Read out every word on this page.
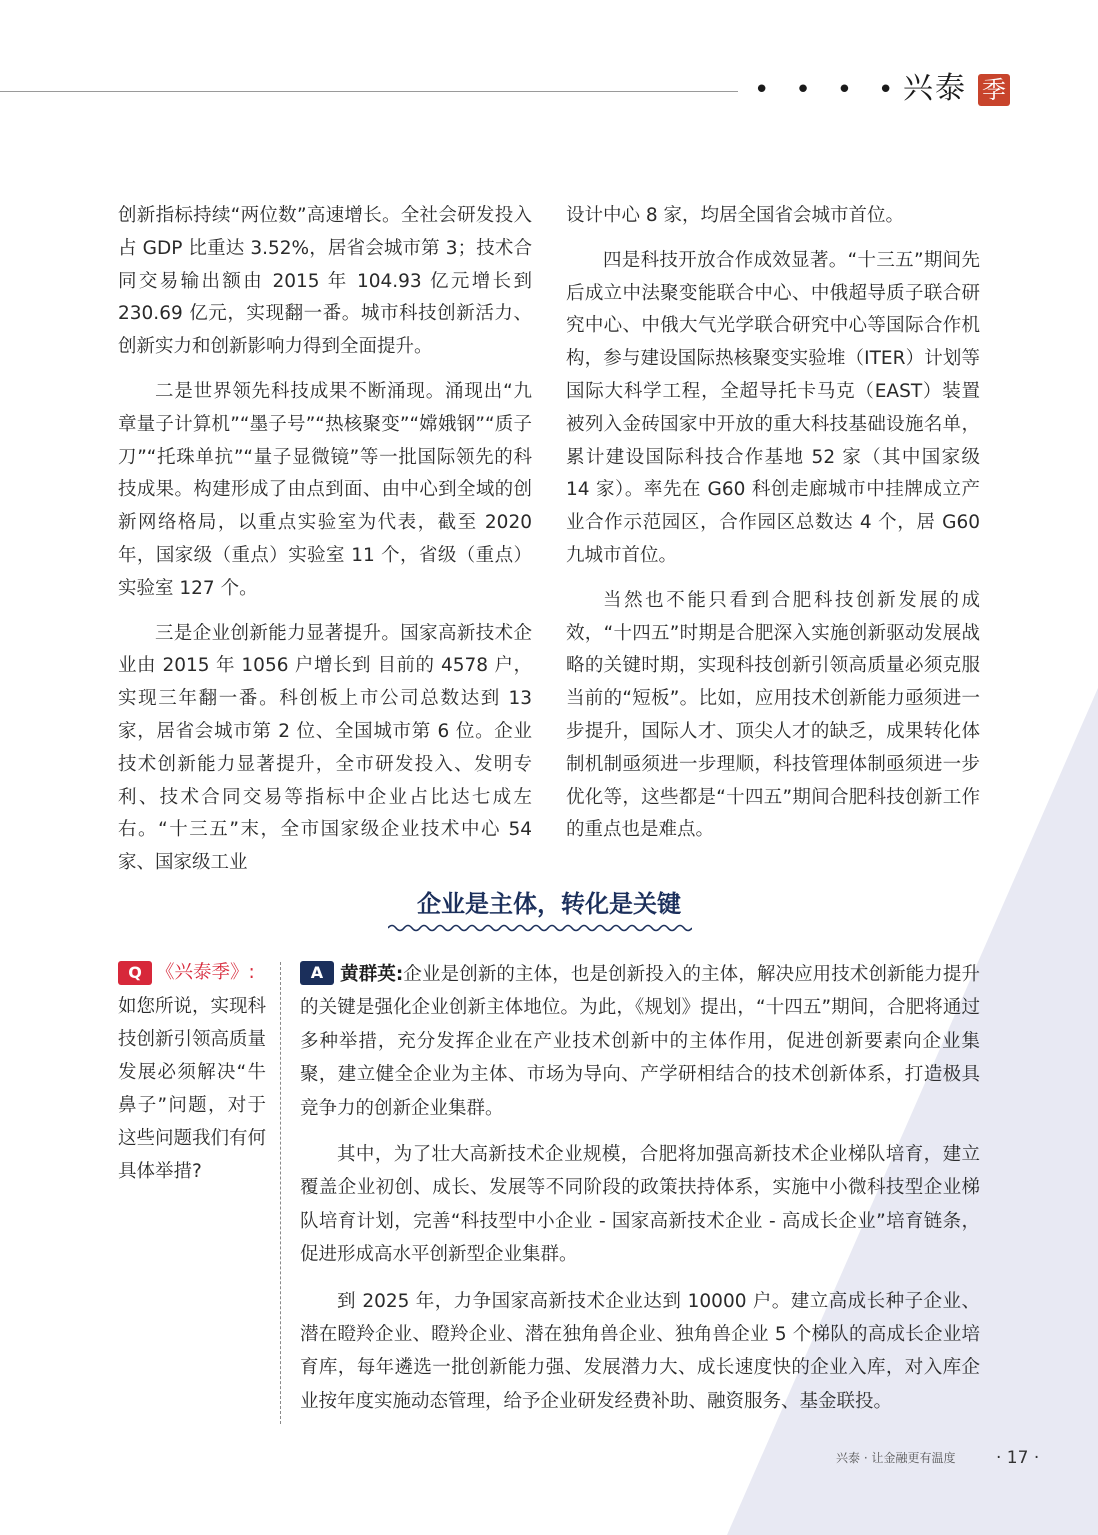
• • • • 兴泰 季

创新指标持续“两位数”高速增长。全社会研发投入占 GDP 比重达 3.52%，居省会城市第 3；技术合同交易输出额由 2015 年 104.93 亿元增长到 230.69 亿元，实现翻一番。城市科技创新活力、创新实力和创新影响力得到全面提升。

二是世界领先科技成果不断涌现。涌现出“九章量子计算机”“墨子号”“热核聚变”“嫦娥钢”“质子刀”“托珠单抗”“量子显微镜”等一批国际领先的科技成果。构建形成了由点到面、由中心到全域的创新网络格局，以重点实验室为代表，截至 2020 年，国家级（重点）实验室 11 个，省级（重点）实验室 127 个。

三是企业创新能力显著提升。国家高新技术企业由 2015 年 1056 户增长到 目前的 4578 户，实现三年翻一番。科创板上市公司总数达到 13 家，居省会城市第 2 位、全国城市第 6 位。企业技术创新能力显著提升，全市研发投入、发明专利、技术合同交易等指标中企业占比达七成左右。“十三五”末，全市国家级企业技术中心 54 家、国家级工业

设计中心 8 家，均居全国省会城市首位。

四是科技开放合作成效显著。“十三五”期间先后成立中法聚变能联合中心、中俄超导质子联合研究中心、中俄大气光学联合研究中心等国际合作机构，参与建设国际热核聚变实验堆（ITER）计划等国际大科学工程，全超导托卡马克（EAST）装置被列入金砖国家中开放的重大科技基础设施名单，累计建设国际科技合作基地 52 家（其中国家级 14 家）。率先在 G60 科创走廊城市中挂牌成立产业合作示范园区，合作园区总数达 4 个，居 G60 九城市首位。

当然也不能只看到合肥科技创新发展的成效，“十四五”时期是合肥深入实施创新驱动发展战略的关键时期，实现科技创新引领高质量必须克服当前的“短板”。比如，应用技术创新能力亟须进一步提升，国际人才、顶尖人才的缺乏，成果转化体制机制亟须进一步理顺，科技管理体制亟须进一步优化等，这些都是“十四五”期间合肥科技创新工作的重点也是难点。

企业是主体，转化是关键
Q 《兴泰季》:
如您所说，实现科技创新引领高质量发展必须解决“牛鼻子”问题，对于这些问题我们有何具体举措?

A 黄群英:企业是创新的主体，也是创新投入的主体，解决应用技术创新能力提升的关键是强化企业创新主体地位。为此，《规划》提出，“十四五”期间，合肥将通过多种举措，充分发挥企业在产业技术创新中的主体作用，促进创新要素向企业集聚，建立健全企业为主体、市场为导向、产学研相结合的技术创新体系，打造极具竞争力的创新企业集群。

其中，为了壮大高新技术企业规模，合肥将加强高新技术企业梯队培育，建立覆盖企业初创、成长、发展等不同阶段的政策扶持体系，实施中小微科技型企业梯队培育计划，完善“科技型中小企业 - 国家高新技术企业 - 高成长企业”培育链条，促进形成高水平创新型企业集群。

到 2025 年，力争国家高新技术企业达到 10000 户。建立高成长种子企业、潜在瞪羚企业、瞪羚企业、潜在独角兽企业、独角兽企业 5 个梯队的高成长企业培育库，每年遴选一批创新能力强、发展潜力大、成长速度快的企业入库，对入库企业按年度实施动态管理，给予企业研发经费补助、融资服务、基金联投。

兴泰 · 让金融更有温度 · 17 ·
